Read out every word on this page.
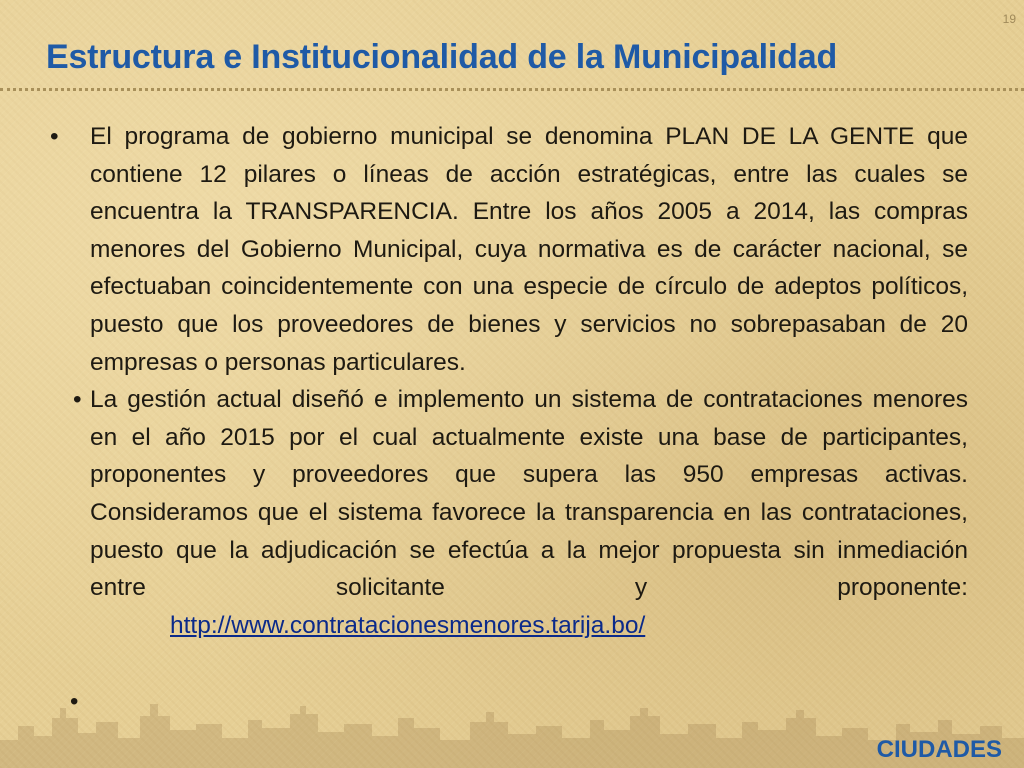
19
Estructura e Institucionalidad de la Municipalidad
• El programa de gobierno municipal se denomina PLAN DE LA GENTE que contiene 12 pilares o líneas de acción estratégicas, entre las cuales se encuentra la TRANSPARENCIA. Entre los años 2005 a 2014, las compras menores del Gobierno Municipal, cuya normativa es de carácter nacional, se efectuaban coincidentemente con una especie de círculo de adeptos políticos, puesto que los proveedores de bienes y servicios no sobrepasaban de 20 empresas o personas particulares.
• La gestión actual diseñó e implemento un sistema de contrataciones menores en el año 2015 por el cual actualmente existe una base de participantes, proponentes y proveedores que supera las 950 empresas activas. Consideramos que el sistema favorece la transparencia en las contrataciones, puesto que la adjudicación se efectúa a la mejor propuesta sin inmediación entre solicitante y proponente: http://www.contratacionesmenores.tarija.bo/
•
CIUDADES
